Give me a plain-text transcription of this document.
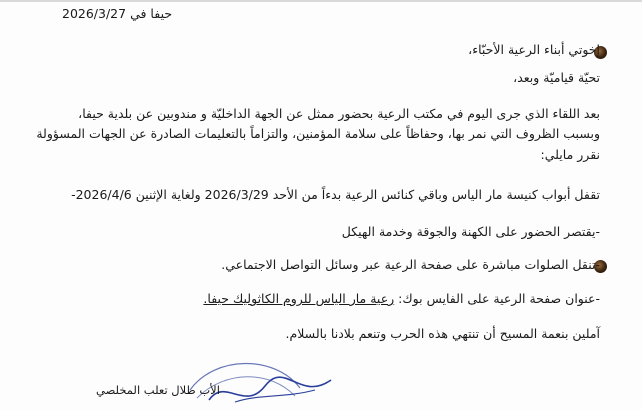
حيفا في 2026/3/27
إخوتي أبناء الرعية الأحبّاء،
تحيّة قياميّة وبعد،
بعد اللقاء الذي جرى اليوم في مكتب الرعية بحضور ممثل عن الجهة الداخليّة و مندوبين عن بلدية حيفا،
وبسبب الظروف التي نمر بها، وحفاظاً على سلامة المؤمنين، والتزاماً بالتعليمات الصادرة عن الجهات المسؤولة
نقرر مايلي:
تقفل أبواب كنيسة مار الياس وباقي كنائس الرعية بدءاً من الأحد 2026/3/29 ولغاية الإثنين 2026/4/6-
-يقتصر الحضور على الكهنة والجوقة وخدمة الهيكل
-تنقل الصلوات مباشرة على صفحة الرعية عبر وسائل التواصل الاجتماعي.
-عنوان صفحة الرعية على الفايس بوك: رعية مار الياس للروم الكاثوليك حيفا.
آملين بنعمة المسيح أن تنتهي هذه الحرب وتنعم بلادنا بالسلام.
الأب طلال تعلب المخلصي
